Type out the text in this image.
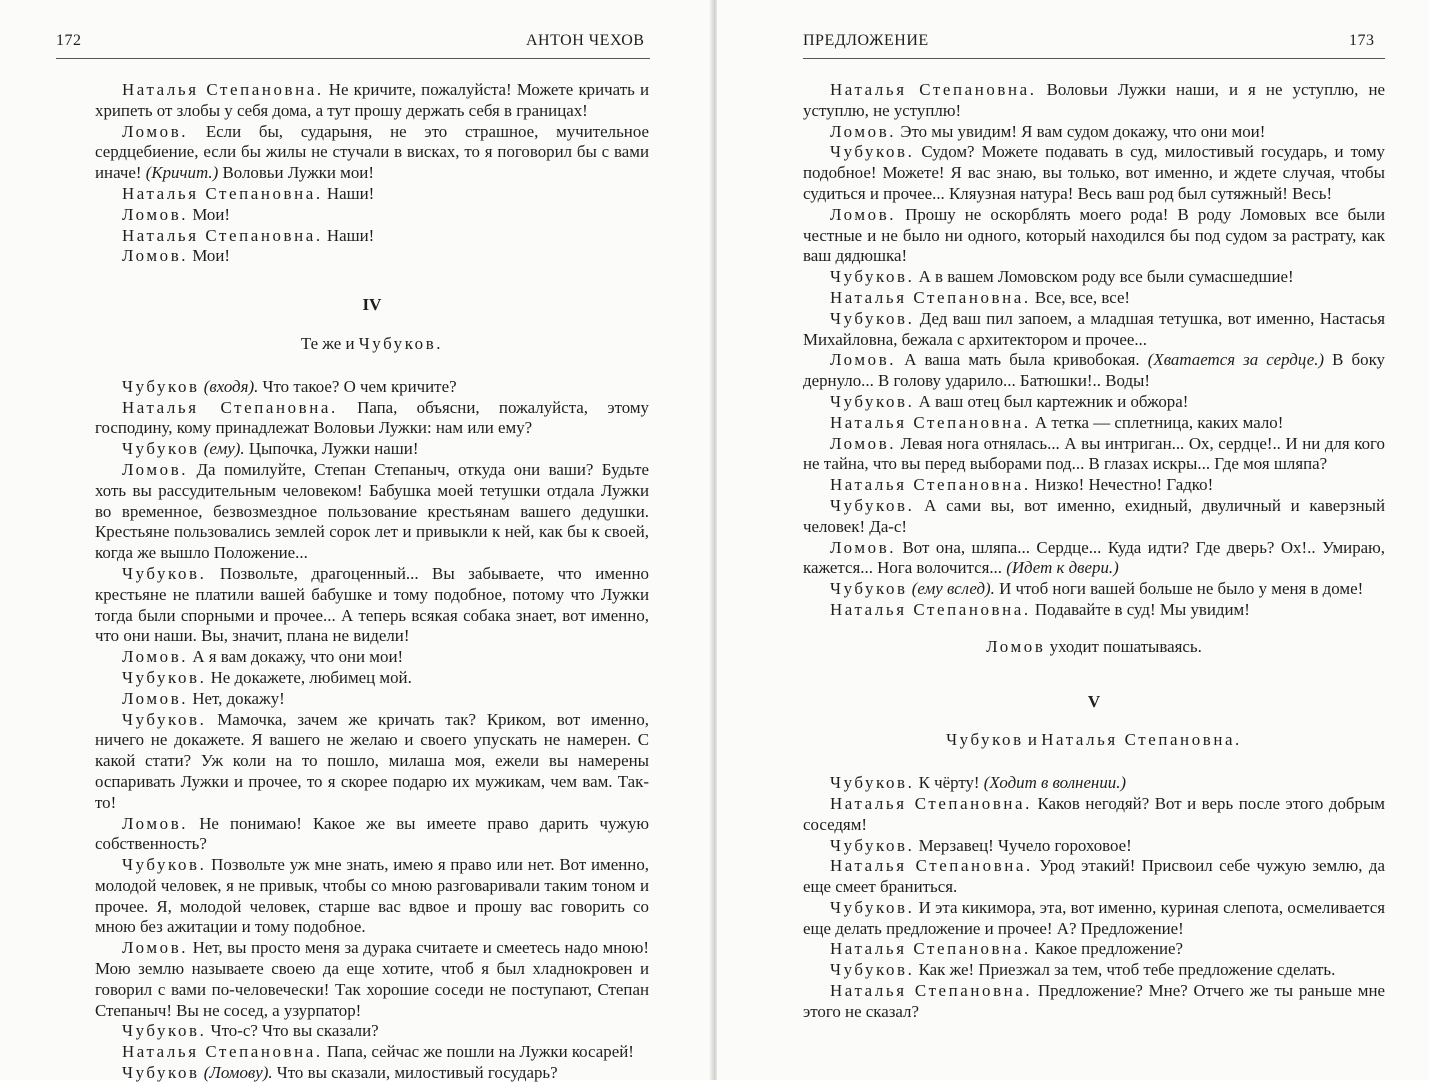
172	АНТОН ЧЕХОВ

Наталья Степановна. Не кричите, пожалуйста! Можете кричать и хрипеть от злобы у себя дома, а тут прошу держать себя в границах!

Ломов. Если бы, сударыня, не это страшное, мучительное сердцебиение, если бы жилы не стучали в висках, то я поговорил бы с вами иначе! (Кричит.) Воловьи Лужки мои!

Наталья Степановна. Наши!

Ломов. Мои!

Наталья Степановна. Наши!

Ломов. Мои!

IV
Те же и Чубуков.

Чубуков (входя). Что такое? О чем кричите?

Наталья Степановна. Папа, объясни, пожалуйста, этому господину, кому принадлежат Воловьи Лужки: нам или ему?

Чубуков (ему). Цыпочка, Лужки наши!

Ломов. Да помилуйте, Степан Степаныч, откуда они ваши? Будьте хоть вы рассудительным человеком! Бабушка моей тетушки отдала Лужки во временное, безвозмездное пользование крестьянам вашего дедушки. Крестьяне пользовались землей сорок лет и привыкли к ней, как бы к своей, когда же вышло Положение...

Чубуков. Позвольте, драгоценный... Вы забываете, что именно крестьяне не платили вашей бабушке и тому подобное, потому что Лужки тогда были спорными и прочее... А теперь всякая собака знает, вот именно, что они наши. Вы, значит, плана не видели!

Ломов. А я вам докажу, что они мои!

Чубуков. Не докажете, любимец мой.

Ломов. Нет, докажу!

Чубуков. Мамочка, зачем же кричать так? Криком, вот именно, ничего не докажете. Я вашего не желаю и своего упускать не намерен. С какой стати? Уж коли на то пошло, милаша моя, ежели вы намерены оспаривать Лужки и прочее, то я скорее подарю их мужикам, чем вам. Так-то!

Ломов. Не понимаю! Какое же вы имеете право дарить чужую собственность?

Чубуков. Позвольте уж мне знать, имею я право или нет. Вот именно, молодой человек, я не привык, чтобы со мною разговаривали таким тоном и прочее. Я, молодой человек, старше вас вдвое и прошу вас говорить со мною без ажитации и тому подобное.

Ломов. Нет, вы просто меня за дурака считаете и смеетесь надо мною! Мою землю называете своею да еще хотите, чтоб я был хладнокровен и говорил с вами по-человечески! Так хорошие соседи не поступают, Степан Степаныч! Вы не сосед, а узурпатор!

Чубуков. Что-с? Что вы сказали?

Наталья Степановна. Папа, сейчас же пошли на Лужки косарей!

Чубуков (Ломову). Что вы сказали, милостивый государь?

ПРЕДЛОЖЕНИЕ	173

Наталья Степановна. Воловьи Лужки наши, и я не уступлю, не уступлю, не уступлю!

Ломов. Это мы увидим! Я вам судом докажу, что они мои!

Чубуков. Судом? Можете подавать в суд, милостивый государь, и тому подобное! Можете! Я вас знаю, вы только, вот именно, и ждете случая, чтобы судиться и прочее... Кляузная натура! Весь ваш род был сутяжный! Весь!

Ломов. Прошу не оскорблять моего рода! В роду Ломовых все были честные и не было ни одного, который находился бы под судом за растрату, как ваш дядюшка!

Чубуков. А в вашем Ломовском роду все были сумасшедшие!

Наталья Степановна. Все, все, все!

Чубуков. Дед ваш пил запоем, а младшая тетушка, вот именно, Настасья Михайловна, бежала с архитектором и прочее...

Ломов. А ваша мать была кривобокая. (Хватается за сердце.) В боку дернуло... В голову ударило... Батюшки!.. Воды!

Чубуков. А ваш отец был картежник и обжора!

Наталья Степановна. А тетка — сплетница, каких мало!

Ломов. Левая нога отнялась... А вы интриган... Ох, сердце!.. И ни для кого не тайна, что вы перед выборами под... В глазах искры... Где моя шляпа?

Наталья Степановна. Низко! Нечестно! Гадко!

Чубуков. А сами вы, вот именно, ехидный, двуличный и каверзный человек! Да-с!

Ломов. Вот она, шляпа... Сердце... Куда идти? Где дверь? Ох!.. Умираю, кажется... Нога волочится... (Идет к двери.)

Чубуков (ему вслед). И чтоб ноги вашей больше не было у меня в доме!

Наталья Степановна. Подавайте в суд! Мы увидим!

Ломов уходит пошатываясь.
V
Чубуков и Наталья Степановна.

Чубуков. К чёрту! (Ходит в волнении.)

Наталья Степановна. Каков негодяй? Вот и верь после этого добрым соседям!

Чубуков. Мерзавец! Чучело гороховое!

Наталья Степановна. Урод этакий! Присвоил себе чужую землю, да еще смеет браниться.

Чубуков. И эта кикимора, эта, вот именно, куриная слепота, осмеливается еще делать предложение и прочее! А? Предложение!

Наталья Степановна. Какое предложение?

Чубуков. Как же! Приезжал за тем, чтоб тебе предложение сделать.

Наталья Степановна. Предложение? Мне? Отчего же ты раньше мне этого не сказал?
